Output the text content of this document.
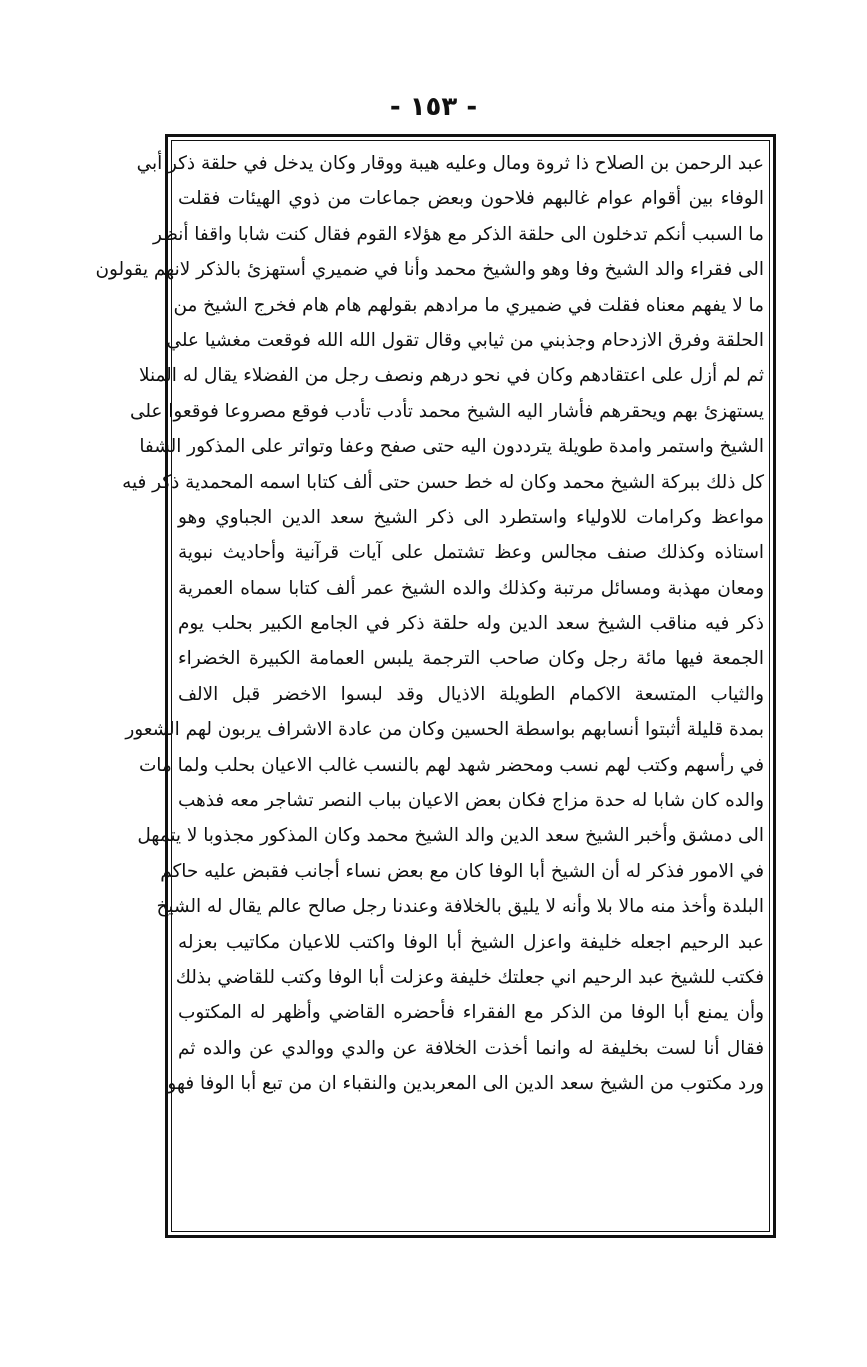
- ١٥٣ -
عبد الرحمن بن الصلاح ذا ثروة ومال وعليه هيبة ووقار وكان يدخل في حلقة ذكر أبي
الوفاء بين أقوام عوام غالبهم فلاحون وبعض جماعات من ذوي الهيئات فقلت
ما السبب أنكم تدخلون الى حلقة الذكر مع هؤلاء القوم فقال كنت شابا واقفا أنظر
الى فقراء والد الشيخ وفا وهو والشيخ محمد وأنا في ضميري أستهزئ بالذكر لانهم يقولون
ما لا يفهم معناه فقلت في ضميري ما مرادهم بقولهم هام هام فخرج الشيخ من
الحلقة وفرق الازدحام وجذبني من ثيابي وقال تقول الله الله فوقعت مغشيا علي
ثم لم أزل على اعتقادهم وكان في نحو درهم ونصف رجل من الفضلاء يقال له المنلا
يستهزئ بهم ويحقرهم فأشار اليه الشيخ محمد تأدب تأدب فوقع مصروعا فوقعوا على
الشيخ واستمر وامدة طويلة يترددون اليه حتى صفح وعفا وتواتر على المذكور الشفا
كل ذلك ببركة الشيخ محمد وكان له خط حسن حتى ألف كتابا اسمه المحمدية ذكر فيه
مواعظ وكرامات للاولياء واستطرد الى ذكر الشيخ سعد الدين الجباوي وهو
استاذه وكذلك صنف مجالس وعظ تشتمل على آيات قرآنية وأحاديث نبوية
ومعان مهذبة ومسائل مرتبة وكذلك والده الشيخ عمر ألف كتابا سماه العمرية
ذكر فيه مناقب الشيخ سعد الدين وله حلقة ذكر في الجامع الكبير بحلب يوم
الجمعة فيها مائة رجل وكان صاحب الترجمة يلبس العمامة الكبيرة الخضراء
والثياب المتسعة الاكمام الطويلة الاذيال وقد لبسوا الاخضر قبل الالف
بمدة قليلة أثبتوا أنسابهم بواسطة الحسين وكان من عادة الاشراف يربون لهم الشعور
في رأسهم وكتب لهم نسب ومحضر شهد لهم بالنسب غالب الاعيان بحلب ولما مات
والده كان شابا له حدة مزاج فكان بعض الاعيان بباب النصر تشاجر معه فذهب
الى دمشق وأخبر الشيخ سعد الدين والد الشيخ محمد وكان المذكور مجذوبا لا يتمهل
في الامور فذكر له أن الشيخ أبا الوفا كان مع بعض نساء أجانب فقبض عليه حاكم
البلدة وأخذ منه مالا بلا وأنه لا يليق بالخلافة وعندنا رجل صالح عالم يقال له الشيخ
عبد الرحيم اجعله خليفة واعزل الشيخ أبا الوفا واكتب للاعيان مكاتيب بعزله
فكتب للشيخ عبد الرحيم اني جعلتك خليفة وعزلت أبا الوفا وكتب للقاضي بذلك
وأن يمنع أبا الوفا من الذكر مع الفقراء فأحضره القاضي وأظهر له المكتوب
فقال أنا لست بخليفة له وانما أخذت الخلافة عن والدي ووالدي عن والده ثم
ورد مكتوب من الشيخ سعد الدين الى المعربدين والنقباء ان من تبع أبا الوفا فهو
